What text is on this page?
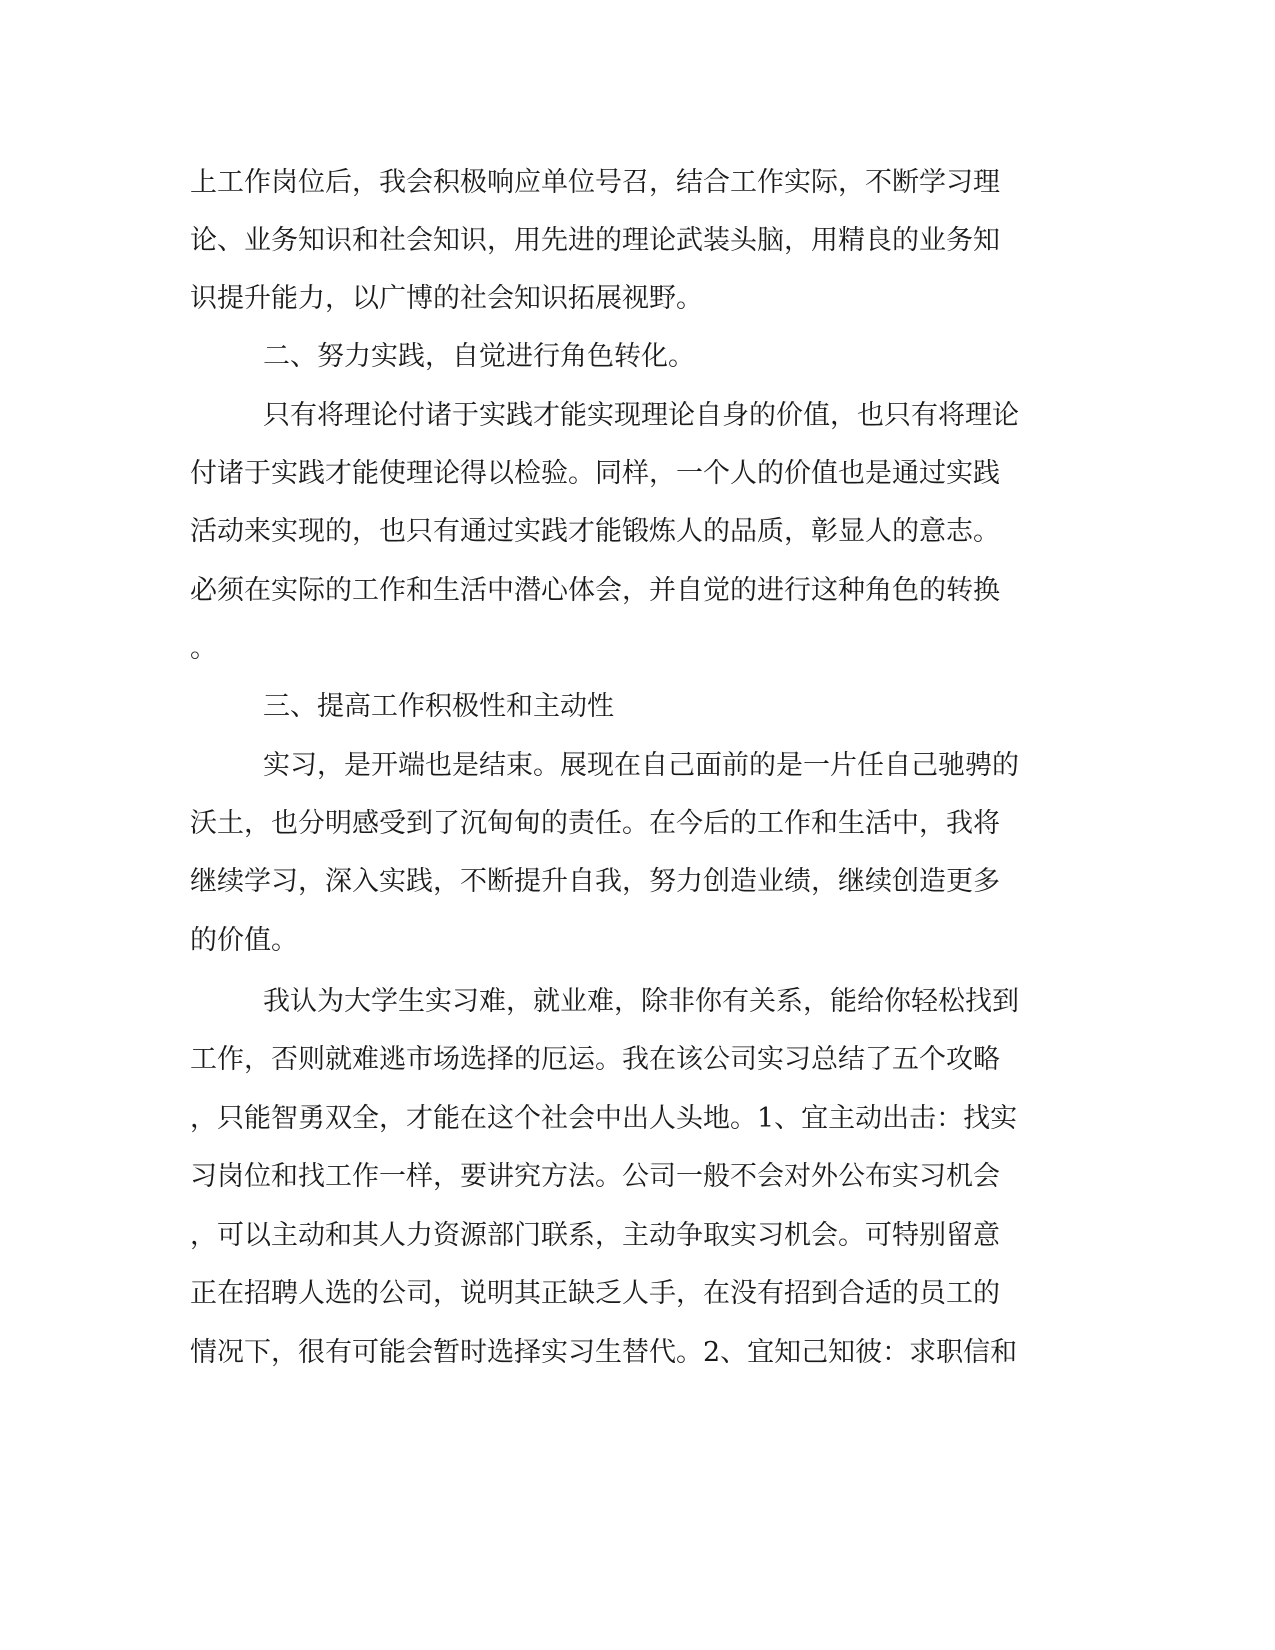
上工作岗位后，我会积极响应单位号召，结合工作实际，不断学习理
论、业务知识和社会知识，用先进的理论武装头脑，用精良的业务知
识提升能力，以广博的社会知识拓展视野。
二、努力实践，自觉进行角色转化。
只有将理论付诸于实践才能实现理论自身的价值，也只有将理论
付诸于实践才能使理论得以检验。同样，一个人的价值也是通过实践
活动来实现的，也只有通过实践才能锻炼人的品质，彰显人的意志。
必须在实际的工作和生活中潜心体会，并自觉的进行这种角色的转换
。
三、提高工作积极性和主动性
实习，是开端也是结束。展现在自己面前的是一片任自己驰骋的
沃土，也分明感受到了沉甸甸的责任。在今后的工作和生活中，我将
继续学习，深入实践，不断提升自我，努力创造业绩，继续创造更多
的价值。
我认为大学生实习难，就业难，除非你有关系，能给你轻松找到
工作，否则就难逃市场选择的厄运。我在该公司实习总结了五个攻略
，只能智勇双全，才能在这个社会中出人头地。1、宜主动出击：找实
习岗位和找工作一样，要讲究方法。公司一般不会对外公布实习机会
，可以主动和其人力资源部门联系，主动争取实习机会。可特别留意
正在招聘人选的公司，说明其正缺乏人手，在没有招到合适的员工的
情况下，很有可能会暂时选择实习生替代。2、宜知己知彼：求职信和
